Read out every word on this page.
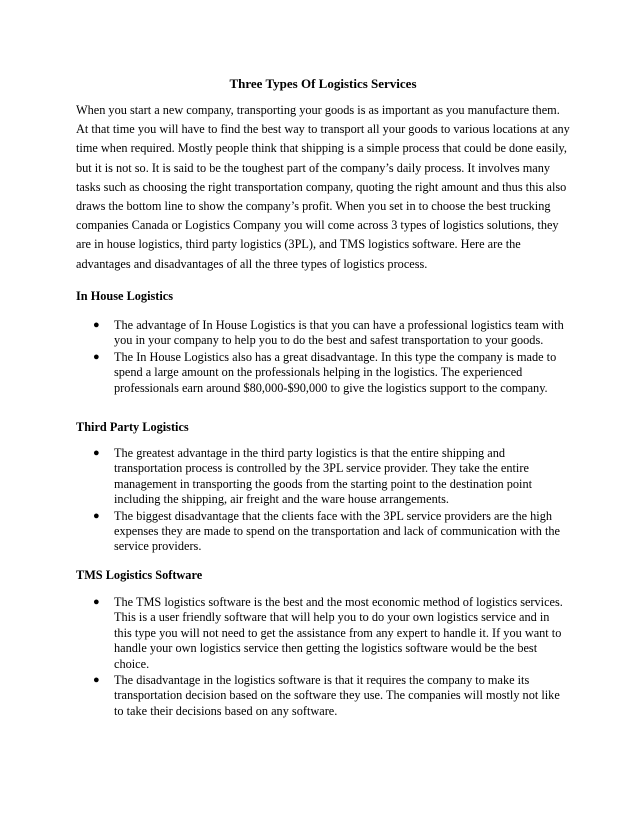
Three Types Of Logistics Services

When you start a new company, transporting your goods is as important as you manufacture them. At that time you will have to find the best way to transport all your goods to various locations at any time when required. Mostly people think that shipping is a simple process that could be done easily, but it is not so. It is said to be the toughest part of the company’s daily process. It involves many tasks such as choosing the right transportation company, quoting the right amount and thus this also draws the bottom line to show the company’s profit. When you set in to choose the best trucking companies Canada or Logistics Company you will come across 3 types of logistics solutions, they are in house logistics, third party logistics (3PL), and TMS logistics software. Here are the advantages and disadvantages of all the three types of logistics process.

In House Logistics
● The advantage of In House Logistics is that you can have a professional logistics team with you in your company to help you to do the best and safest transportation to your goods.
● The In House Logistics also has a great disadvantage. In this type the company is made to spend a large amount on the professionals helping in the logistics. The experienced professionals earn around $80,000-$90,000 to give the logistics support to the company.
Third Party Logistics
● The greatest advantage in the third party logistics is that the entire shipping and transportation process is controlled by the 3PL service provider. They take the entire management in transporting the goods from the starting point to the destination point including the shipping, air freight and the ware house arrangements.
● The biggest disadvantage that the clients face with the 3PL service providers are the high expenses they are made to spend on the transportation and lack of communication with the service providers.
TMS Logistics Software
● The TMS logistics software is the best and the most economic method of logistics services. This is a user friendly software that will help you to do your own logistics service and in this type you will not need to get the assistance from any expert to handle it. If you want to handle your own logistics service then getting the logistics software would be the best choice.
● The disadvantage in the logistics software is that it requires the company to make its transportation decision based on the software they use. The companies will mostly not like to take their decisions based on any software.
